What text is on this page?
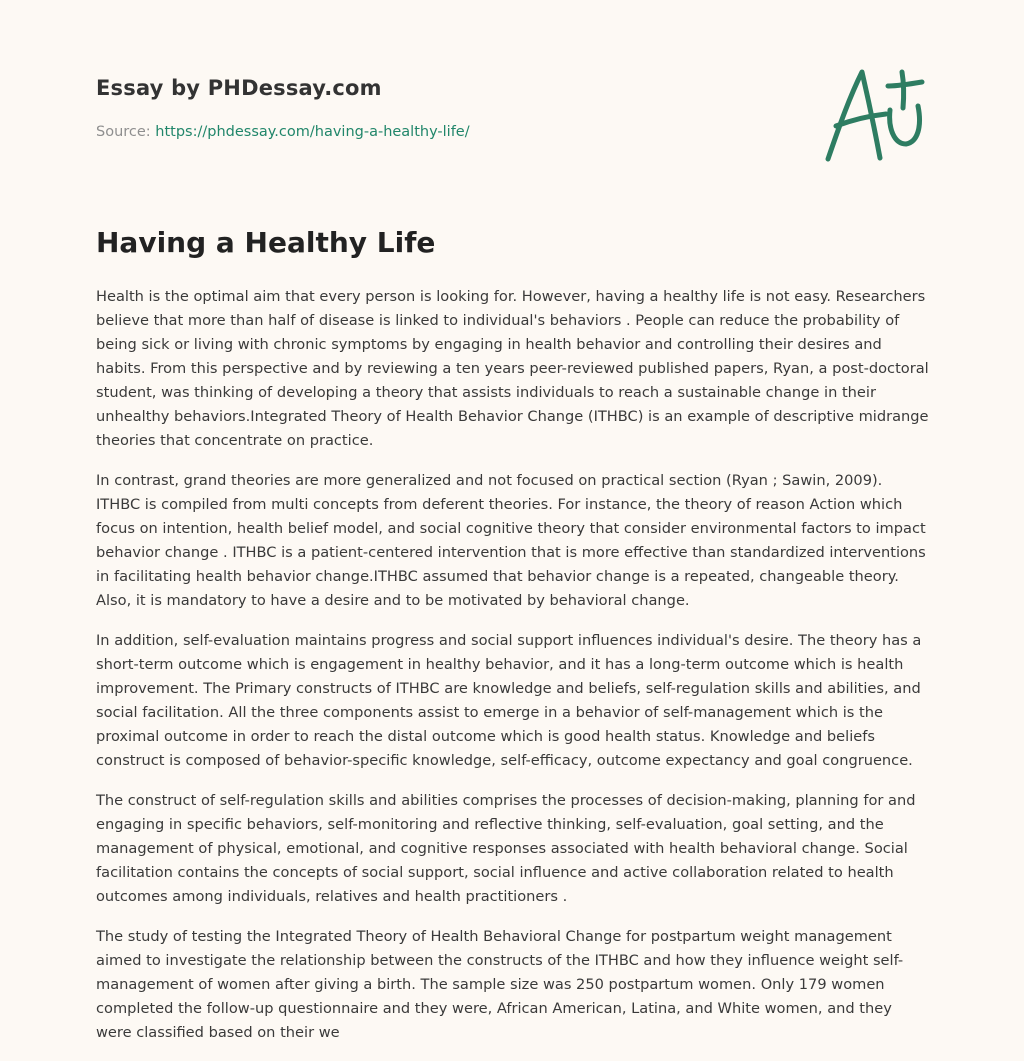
Essay by PHDessay.com
Source: https://phdessay.com/having-a-healthy-life/
Having a Healthy Life

Health is the optimal aim that every person is looking for. However, having a healthy life is not easy. Researchers believe that more than half of disease is linked to individual's behaviors . People can reduce the probability of being sick or living with chronic symptoms by engaging in health behavior and controlling their desires and habits. From this perspective and by reviewing a ten years peer-reviewed published papers, Ryan, a post-doctoral student, was thinking of developing a theory that assists individuals to reach a sustainable change in their unhealthy behaviors.Integrated Theory of Health Behavior Change (ITHBC) is an example of descriptive midrange theories that concentrate on practice.

In contrast, grand theories are more generalized and not focused on practical section (Ryan ; Sawin, 2009). ITHBC is compiled from multi concepts from deferent theories. For instance, the theory of reason Action which focus on intention, health belief model, and social cognitive theory that consider environmental factors to impact behavior change . ITHBC is a patient-centered intervention that is more effective than standardized interventions in facilitating health behavior change.ITHBC assumed that behavior change is a repeated, changeable theory. Also, it is mandatory to have a desire and to be motivated by behavioral change.

In addition, self-evaluation maintains progress and social support influences individual's desire. The theory has a short-term outcome which is engagement in healthy behavior, and it has a long-term outcome which is health improvement. The Primary constructs of ITHBC are knowledge and beliefs, self-regulation skills and abilities, and social facilitation. All the three components assist to emerge in a behavior of self-management which is the proximal outcome in order to reach the distal outcome which is good health status. Knowledge and beliefs construct is composed of behavior-specific knowledge, self-efficacy, outcome expectancy and goal congruence.

The construct of self-regulation skills and abilities comprises the processes of decision-making, planning for and engaging in specific behaviors, self-monitoring and reflective thinking, self-evaluation, goal setting, and the management of physical, emotional, and cognitive responses associated with health behavioral change. Social facilitation contains the concepts of social support, social influence and active collaboration related to health outcomes among individuals, relatives and health practitioners .

The study of testing the Integrated Theory of Health Behavioral Change for postpartum weight management aimed to investigate the relationship between the constructs of the ITHBC and how they influence weight self-management of women after giving a birth. The sample size was 250 postpartum women. Only 179 women completed the follow-up questionnaire and they were, African American, Latina, and White women, and they were classified based on their we
